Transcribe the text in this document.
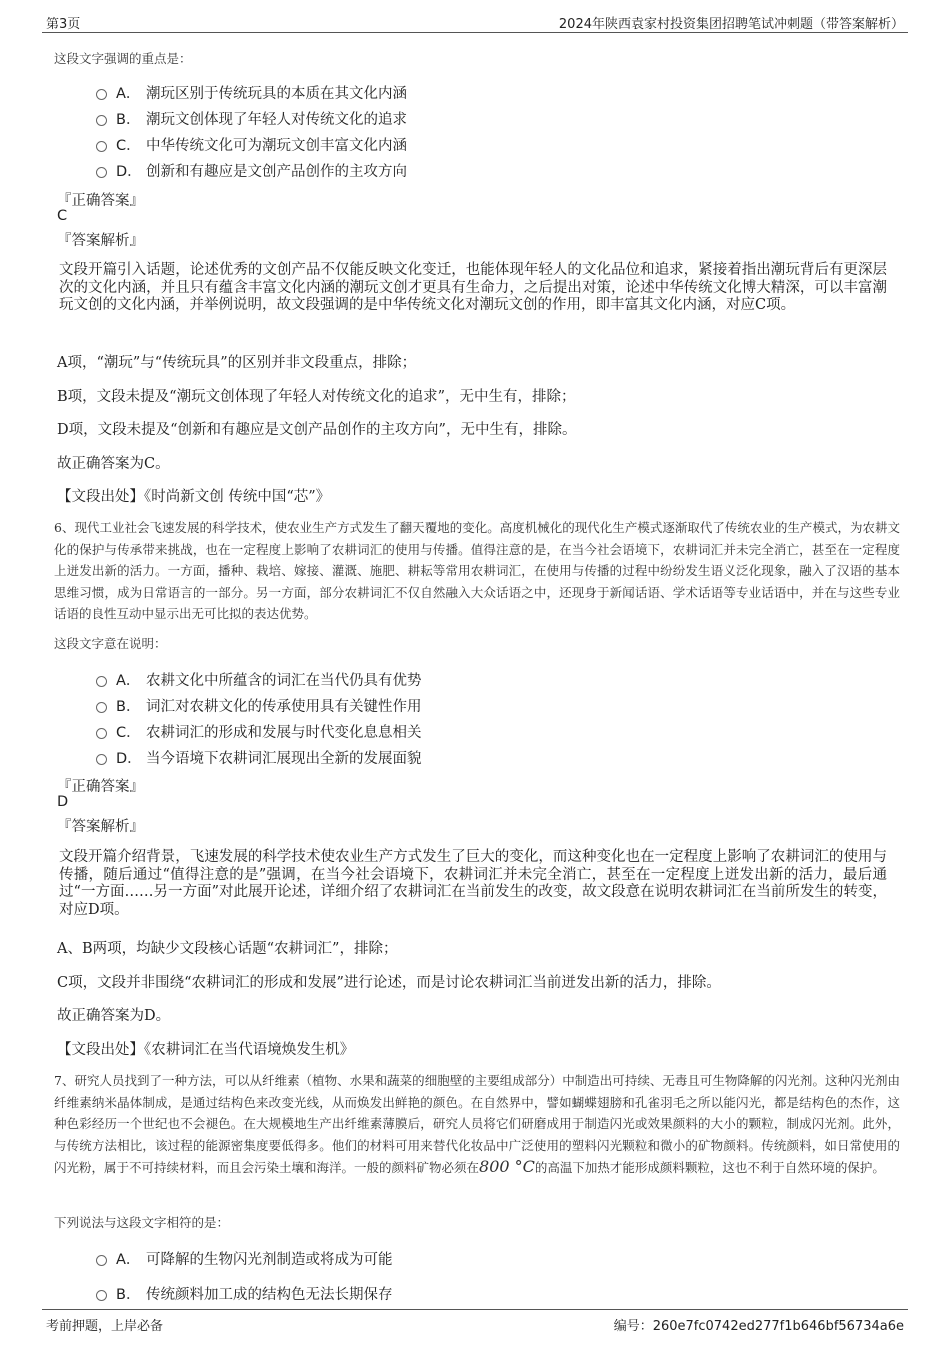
第3页	2024年陕西袁家村投资集团招聘笔试冲刺题（带答案解析）
这段文字强调的重点是：
A． 潮玩区别于传统玩具的本质在其文化内涵
B． 潮玩文创体现了年轻人对传统文化的追求
C． 中华传统文化可为潮玩文创丰富文化内涵
D． 创新和有趣应是文创产品创作的主攻方向
『正确答案』
C
『答案解析』
文段开篇引入话题，论述优秀的文创产品不仅能反映文化变迁，也能体现年轻人的文化品位和追求，紧接着指出潮玩背后有更深层次的文化内涵，并且只有蕴含丰富文化内涵的潮玩文创才更具有生命力，之后提出对策，论述中华传统文化博大精深，可以丰富潮玩文创的文化内涵，并举例说明，故文段强调的是中华传统文化对潮玩文创的作用，即丰富其文化内涵，对应C项。
A项，“潮玩”与“传统玩具”的区别并非文段重点，排除；
B项，文段未提及“潮玩文创体现了年轻人对传统文化的追求”，无中生有，排除；
D项，文段未提及“创新和有趣应是文创产品创作的主攻方向”，无中生有，排除。
故正确答案为C。
【文段出处】《时尚新文创 传统中国“芯”》
6、现代工业社会飞速发展的科学技术，使农业生产方式发生了翻天覆地的变化。高度机械化的现代化生产模式逐渐取代了传统农业的生产模式，为农耕文化的保护与传承带来挑战，也在一定程度上影响了农耕词汇的使用与传播。值得注意的是，在当今社会语境下，农耕词汇并未完全消亡，甚至在一定程度上迸发出新的活力。一方面，播种、栽培、嫁接、灌溉、施肥、耕耘等常用农耕词汇，在使用与传播的过程中纷纷发生语义泛化现象，融入了汉语的基本思维习惯，成为日常语言的一部分。另一方面，部分农耕词汇不仅自然融入大众话语之中，还现身于新闻话语、学术话语等专业话语中，并在与这些专业话语的良性互动中显示出无可比拟的表达优势。
这段文字意在说明：
A． 农耕文化中所蕴含的词汇在当代仍具有优势
B． 词汇对农耕文化的传承使用具有关键性作用
C． 农耕词汇的形成和发展与时代变化息息相关
D． 当今语境下农耕词汇展现出全新的发展面貌
『正确答案』
D
『答案解析』
文段开篇介绍背景，飞速发展的科学技术使农业生产方式发生了巨大的变化，而这种变化也在一定程度上影响了农耕词汇的使用与传播，随后通过“值得注意的是”强调，在当今社会语境下，农耕词汇并未完全消亡，甚至在一定程度上迸发出新的活力，最后通过“一方面……另一方面”对此展开论述，详细介绍了农耕词汇在当前发生的改变，故文段意在说明农耕词汇在当前所发生的转变，对应D项。
A、B两项，均缺少文段核心话题“农耕词汇”，排除；
C项，文段并非围绕“农耕词汇的形成和发展”进行论述，而是讨论农耕词汇当前迸发出新的活力，排除。
故正确答案为D。
【文段出处】《农耕词汇在当代语境焕发生机》
7、研究人员找到了一种方法，可以从纤维素（植物、水果和蔬菜的细胞壁的主要组成部分）中制造出可持续、无毒且可生物降解的闪光剂。这种闪光剂由纤维素纳米晶体制成，是通过结构色来改变光线，从而焕发出鲜艳的颜色。在自然界中，譬如蝴蝶翅膀和孔雀羽毛之所以能闪光，都是结构色的杰作，这种色彩经历一个世纪也不会褪色。在大规模地生产出纤维素薄膜后，研究人员将它们研磨成用于制造闪光或效果颜料的大小的颗粒，制成闪光剂。此外，与传统方法相比，该过程的能源密集度要低得多。他们的材料可用来替代化妆品中广泛使用的塑料闪光颗粒和微小的矿物颜料。传统颜料，如日常使用的闪光粉，属于不可持续材料，而且会污染土壤和海洋。一般的颜料矿物必须在800 °C的高温下加热才能形成颜料颗粒，这也不利于自然环境的保护。
下列说法与这段文字相符的是：
A． 可降解的生物闪光剂制造或将成为可能
B． 传统颜料加工成的结构色无法长期保存
考前押题，上岸必备	编号：260e7fc0742ed277f1b646bf56734a6e
